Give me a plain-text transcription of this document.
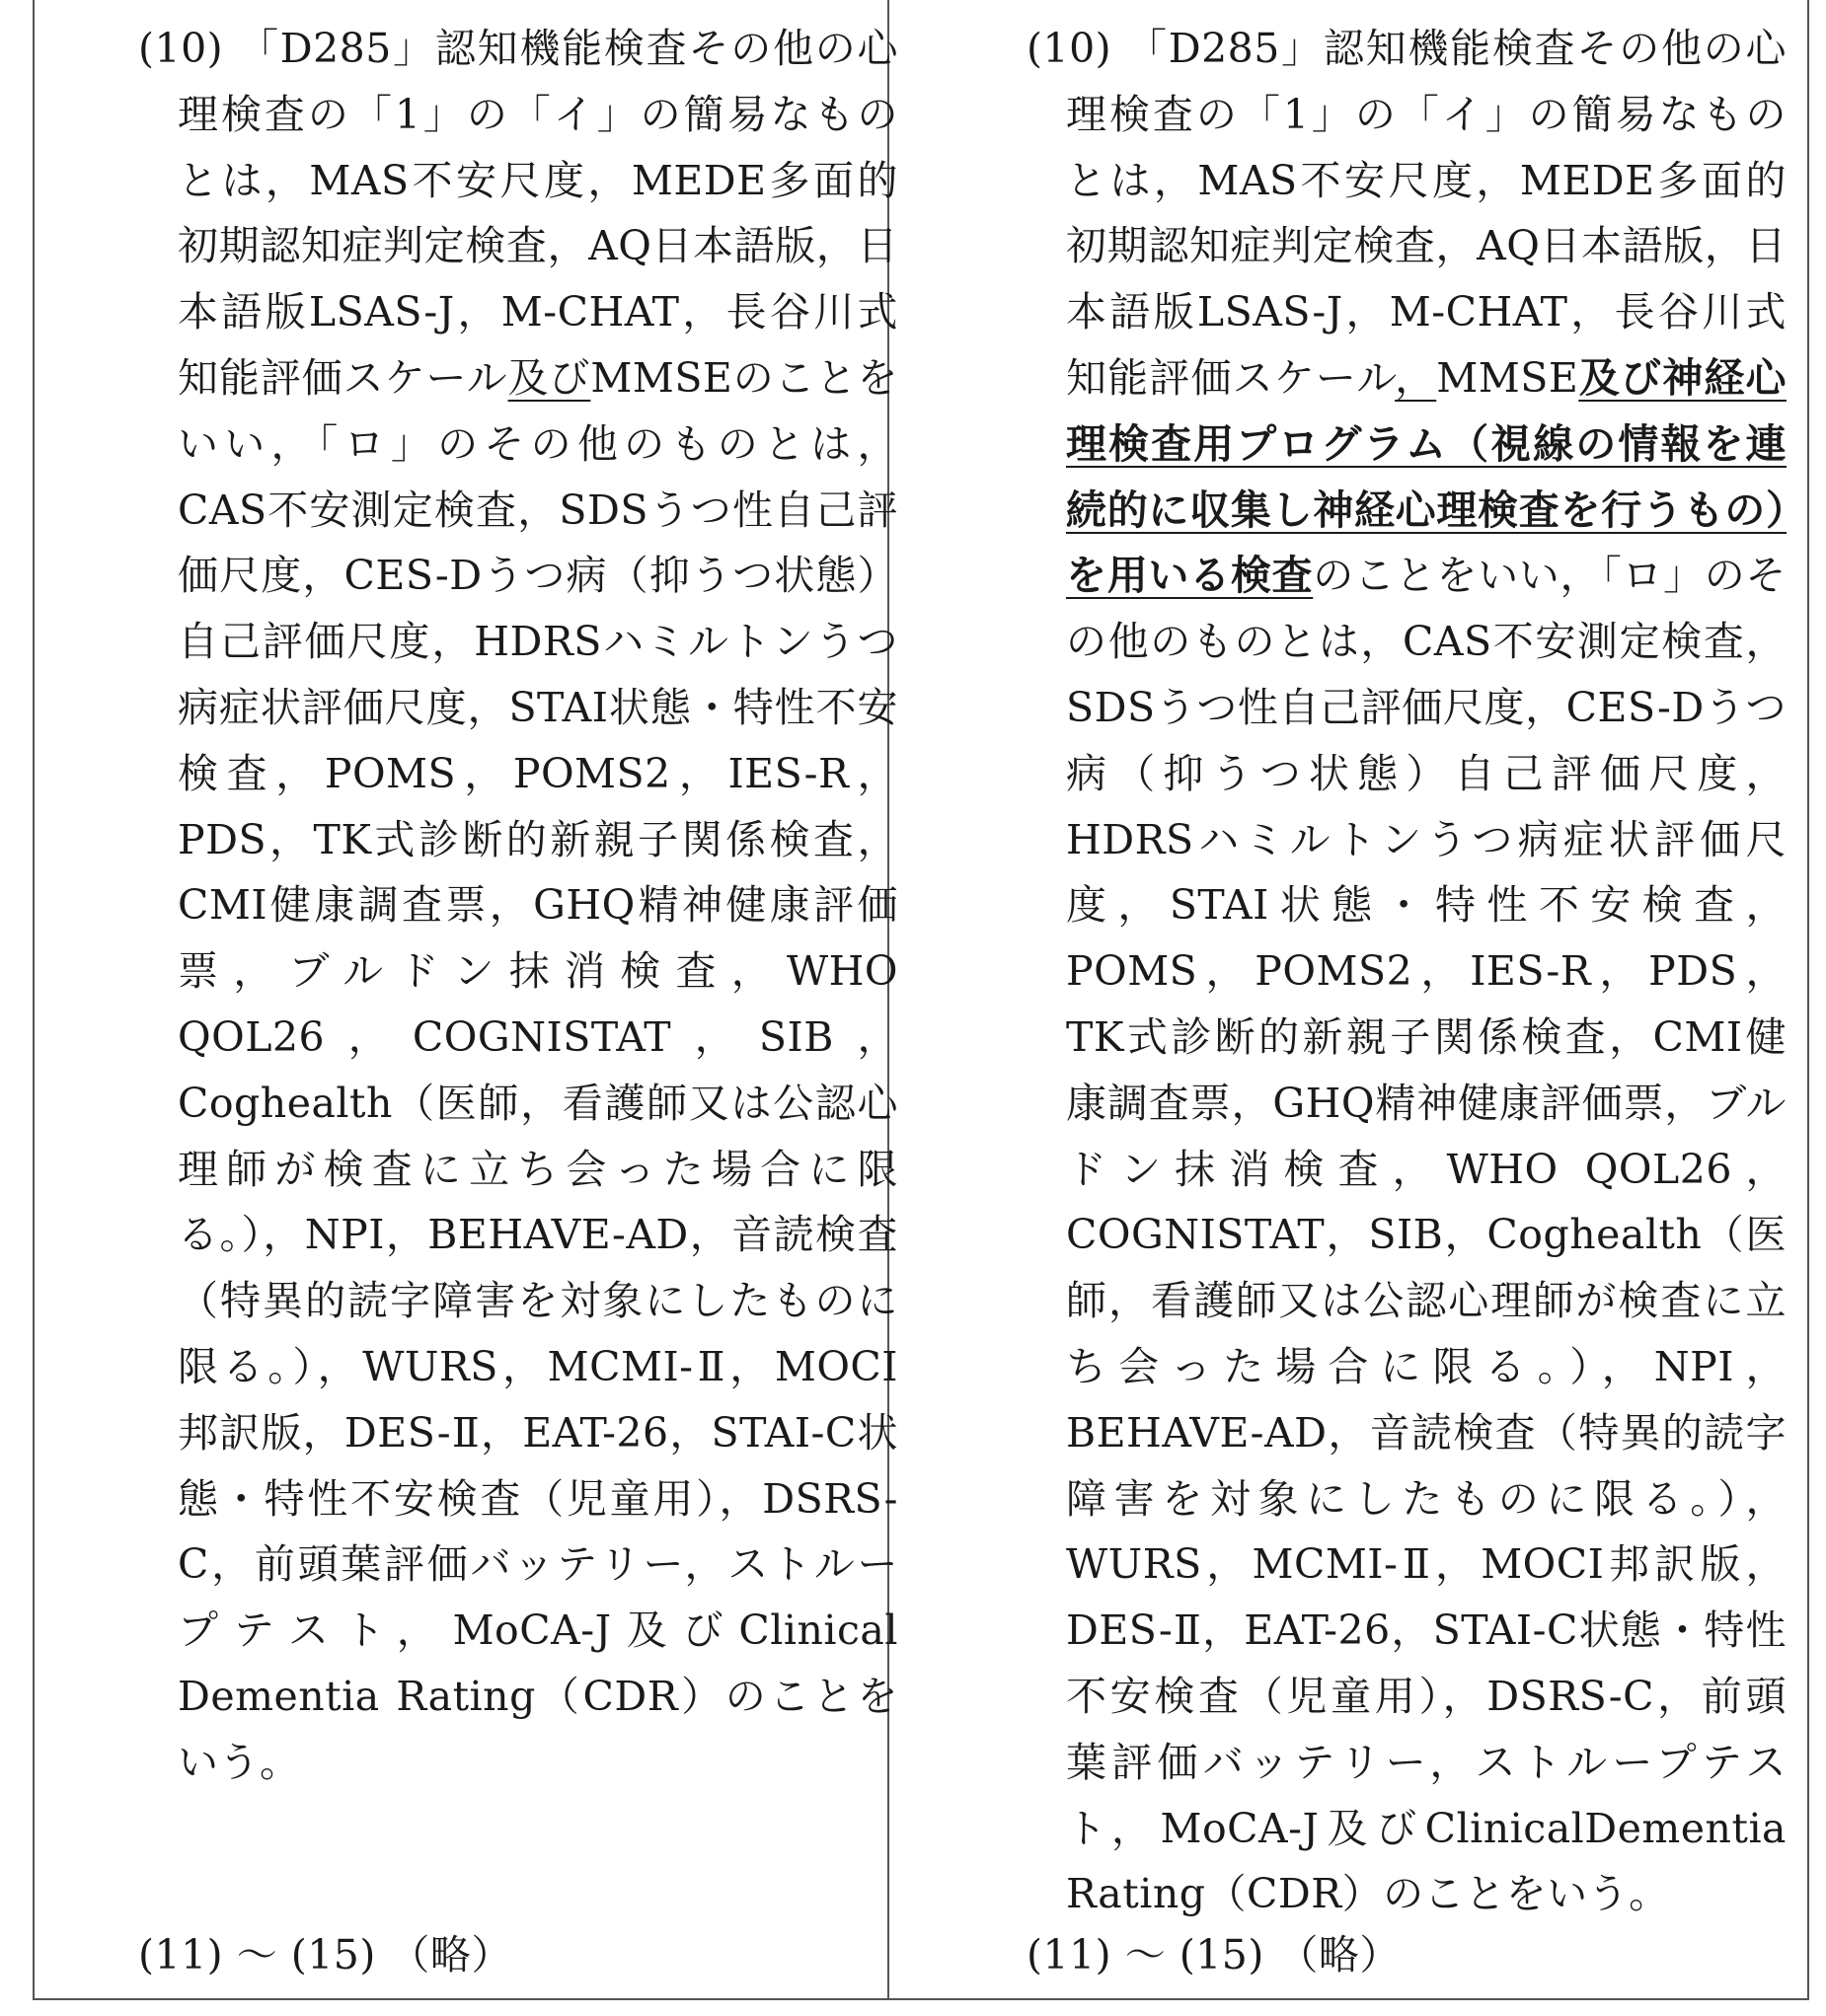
(10) 「D285」認知機能検査その他の心理検査の「1」の「イ」の簡易なものとは，MAS不安尺度，MEDE多面的初期認知症判定検査，AQ日本語版，日本語版LSAS-J，M-CHAT，長谷川式知能評価スケール及びMMSEのことをいい，「ロ」のその他のものとは，CAS不安測定検査，SDSうつ性自己評価尺度，CES-Dうつ病（抑うつ状態）自己評価尺度，HDRSハミルトンうつ病症状評価尺度，STAI状態・特性不安検査，POMS，POMS2，IES-R，PDS，TK式診断的新親子関係検査，CMI健康調査票，GHQ精神健康評価票，ブルドン抹消検査，WHO QOL26，COGNISTAT，SIB，Coghealth（医師，看護師又は公認心理師が検査に立ち会った場合に限る。），NPI，BEHAVE-AD，音読検査（特異的読字障害を対象にしたものに限る。），WURS，MCMI-Ⅱ，MOCI邦訳版，DES-Ⅱ，EAT-26，STAI-C状態・特性不安検査（児童用），DSRS-C，前頭葉評価バッテリー，ストループテスト，MoCA-J及びClinical Dementia Rating（CDR）のことをいう。

(11) ～ (15) （略）

(10) 「D285」認知機能検査その他の心理検査の「1」の「イ」の簡易なものとは，MAS不安尺度，MEDE多面的初期認知症判定検査，AQ日本語版，日本語版LSAS-J，M-CHAT，長谷川式知能評価スケール，MMSE及び神経心理検査用プログラム（視線の情報を連続的に収集し神経心理検査を行うもの）を用いる検査のことをいい，「ロ」のその他のものとは，CAS不安測定検査，SDSうつ性自己評価尺度，CES-Dうつ病（抑うつ状態）自己評価尺度，HDRSハミルトンうつ病症状評価尺度，STAI状態・特性不安検査，POMS，POMS2，IES-R，PDS，TK式診断的新親子関係検査，CMI健康調査票，GHQ精神健康評価票，ブルドン抹消検査，WHO QOL26，COGNISTAT，SIB，Coghealth（医師，看護師又は公認心理師が検査に立ち会った場合に限る。），NPI，BEHAVE-AD，音読検査（特異的読字障害を対象にしたものに限る。），WURS，MCMI-Ⅱ，MOCI邦訳版，DES-Ⅱ，EAT-26，STAI-C状態・特性不安検査（児童用），DSRS-C，前頭葉評価バッテリー，ストループテスト，MoCA-J及びClinicalDementia Rating（CDR）のことをいう。

(11) ～ (15) （略）
